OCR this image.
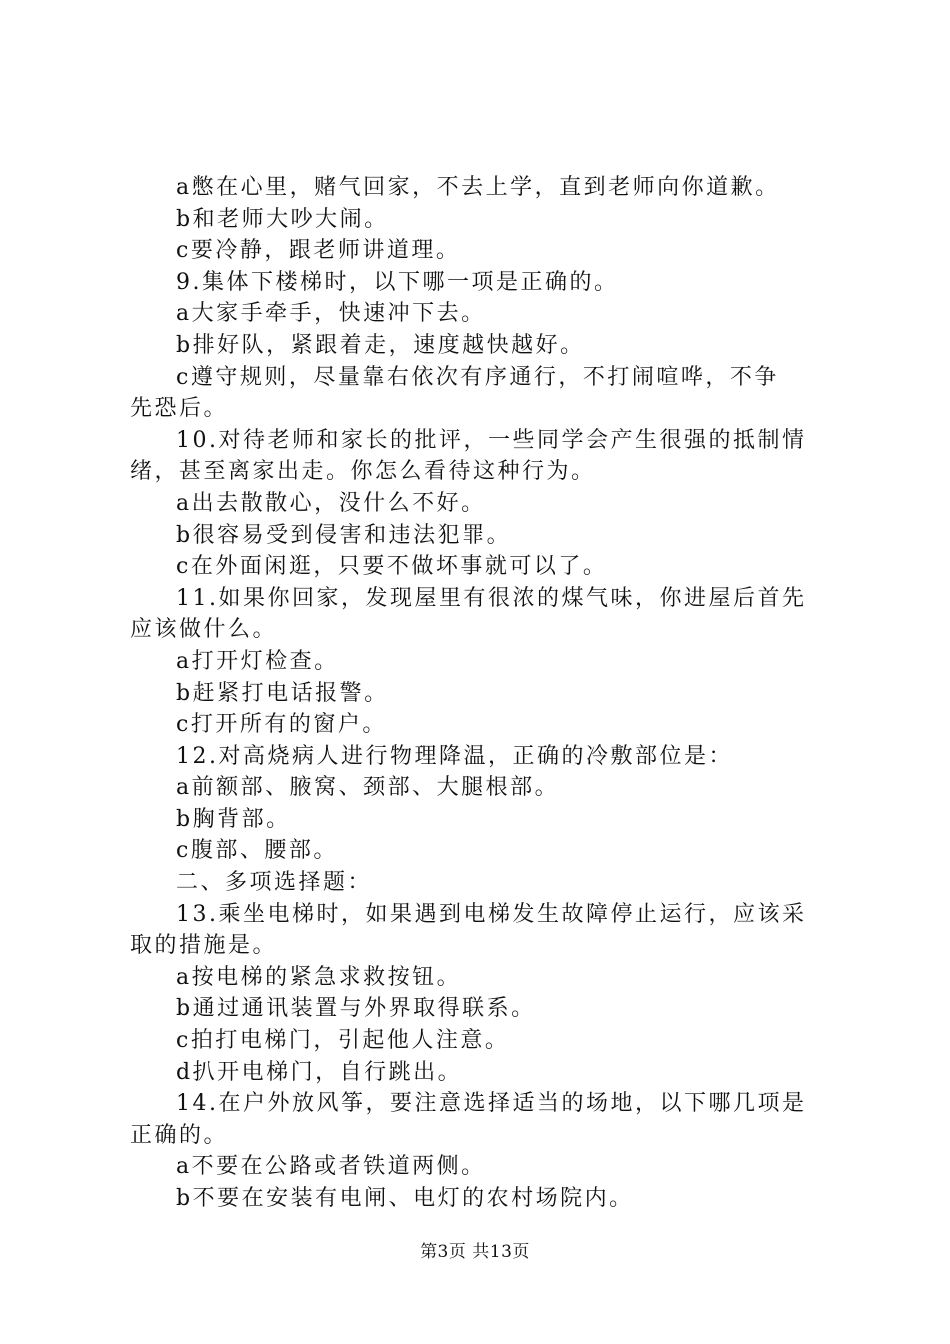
a憋在心里，赌气回家，不去上学，直到老师向你道歉。
b和老师大吵大闹。
c要冷静，跟老师讲道理。
9.集体下楼梯时，以下哪一项是正确的。
a大家手牵手，快速冲下去。
b排好队，紧跟着走，速度越快越好。
c遵守规则，尽量靠右依次有序通行，不打闹喧哗，不争
先恐后。
10.对待老师和家长的批评，一些同学会产生很强的抵制情
绪，甚至离家出走。你怎么看待这种行为。
a出去散散心，没什么不好。
b很容易受到侵害和违法犯罪。
c在外面闲逛，只要不做坏事就可以了。
11.如果你回家，发现屋里有很浓的煤气味，你进屋后首先
应该做什么。
a打开灯检查。
b赶紧打电话报警。
c打开所有的窗户。
12.对高烧病人进行物理降温，正确的冷敷部位是：
a前额部、腋窝、颈部、大腿根部。
b胸背部。
c腹部、腰部。
二、多项选择题：
13.乘坐电梯时，如果遇到电梯发生故障停止运行，应该采
取的措施是。
a按电梯的紧急求救按钮。
b通过通讯装置与外界取得联系。
c拍打电梯门，引起他人注意。
d扒开电梯门，自行跳出。
14.在户外放风筝，要注意选择适当的场地，以下哪几项是
正确的。
a不要在公路或者铁道两侧。
b不要在安装有电闸、电灯的农村场院内。
第3页 共13页
